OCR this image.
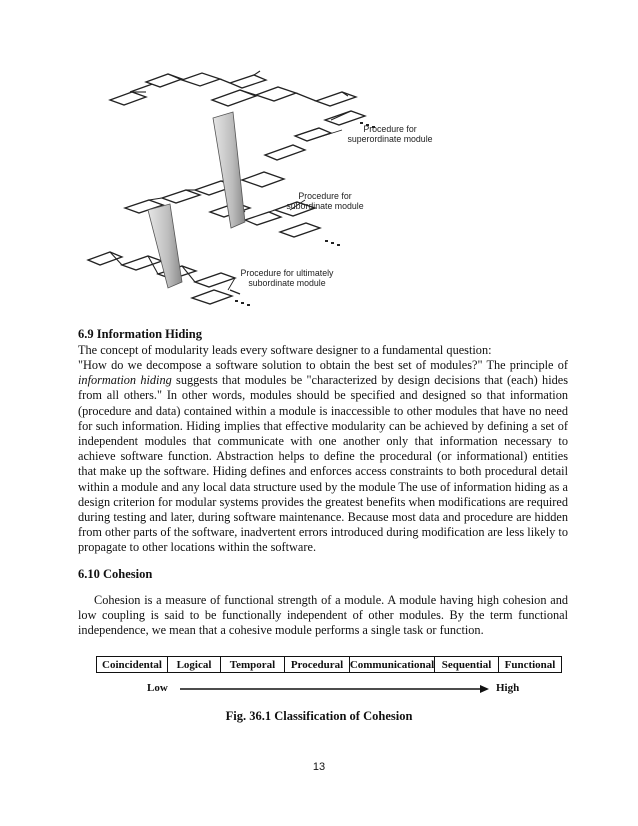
Procedure for
superordinate module
Procedure for
subordinate module
Procedure for ultimately
subordinate module
6.9 Information Hiding
The concept of modularity leads every software designer to a fundamental question:
"How do we decompose a software solution to obtain the best set of modules?" The principle of information hiding suggests that modules be "characterized by design decisions that (each) hides from all others." In other words, modules should be specified and designed so that information (procedure and data) contained within a module is inaccessible to other modules that have no need for such information. Hiding implies that effective modularity can be achieved by defining a set of independent modules that communicate with one another only that information necessary to achieve software function. Abstraction helps to define the procedural (or informational) entities that make up the software. Hiding defines and enforces access constraints to both procedural detail within a module and any local data structure used by the module The use of information hiding as a design criterion for modular systems provides the greatest benefits when modifications are required during testing and later, during software maintenance. Because most data and procedure are hidden from other parts of the software, inadvertent errors introduced during modification are less likely to propagate to other locations within the software.
6.10 Cohesion
Cohesion is a measure of functional strength of a module. A module having high cohesion and low coupling is said to be functionally independent of other modules. By the term functional independence, we mean that a cohesive module performs a single task or function.
Coincidental	Logical	Temporal	Procedural Communicational Sequential	Functional
Low	High
Fig. 36.1 Classification of Cohesion
13
